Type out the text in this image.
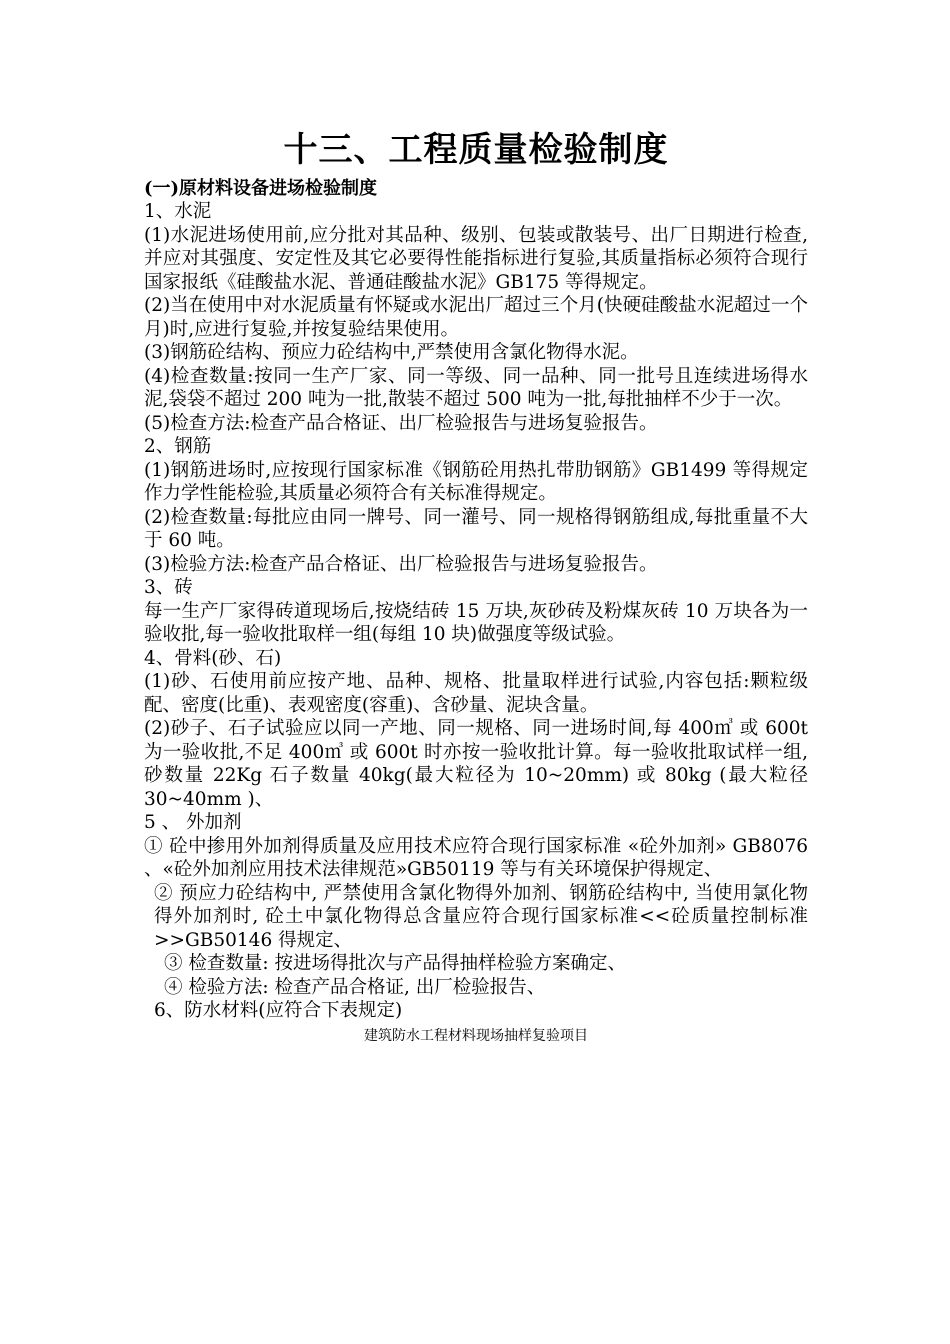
十三、工程质量检验制度

(一)原材料设备进场检验制度

1、水泥

(1)水泥进场使用前,应分批对其品种、级别、包装或散装号、出厂日期进行检查,并应对其强度、安定性及其它必要得性能指标进行复验,其质量指标必须符合现行国家报纸《硅酸盐水泥、普通硅酸盐水泥》GB175 等得规定。

(2)当在使用中对水泥质量有怀疑或水泥出厂超过三个月(快硬硅酸盐水泥超过一个月)时,应进行复验,并按复验结果使用。

(3)钢筋砼结构、预应力砼结构中,严禁使用含氯化物得水泥。

(4)检查数量:按同一生产厂家、同一等级、同一品种、同一批号且连续进场得水泥,袋袋不超过 200 吨为一批,散装不超过 500 吨为一批,每批抽样不少于一次。

(5)检查方法:检查产品合格证、出厂检验报告与进场复验报告。

2、钢筋

(1)钢筋进场时,应按现行国家标准《钢筋砼用热扎带肋钢筋》GB1499 等得规定作力学性能检验,其质量必须符合有关标准得规定。

(2)检查数量:每批应由同一牌号、同一灌号、同一规格得钢筋组成,每批重量不大于 60 吨。

(3)检验方法:检查产品合格证、出厂检验报告与进场复验报告。

3、砖

每一生产厂家得砖道现场后,按烧结砖 15 万块,灰砂砖及粉煤灰砖 10 万块各为一验收批,每一验收批取样一组(每组 10 块)做强度等级试验。

4、骨料(砂、石)

(1)砂、石使用前应按产地、品种、规格、批量取样进行试验,内容包括:颗粒级配、密度(比重)、表观密度(容重)、含砂量、泥块含量。

(2)砂子、石子试验应以同一产地、同一规格、同一进场时间,每 400㎥ 或 600t 为一验收批,不足 400㎥ 或 600t 时亦按一验收批计算。每一验收批取试样一组,砂数量 22Kg 石子数量 40kg(最大粒径为 10~20mm) 或 80kg (最大粒径 30~40mm )、

5 、 外加剂

① 砼中掺用外加剂得质量及应用技术应符合现行国家标准 «砼外加剂» GB8076 、«砼外加剂应用技术法律规范»GB50119 等与有关环境保护得规定、

② 预应力砼结构中, 严禁使用含氯化物得外加剂、钢筋砼结构中, 当使用氯化物得外加剂时, 砼土中氯化物得总含量应符合现行国家标准<<砼质量控制标准>>GB50146 得规定、

③ 检查数量: 按进场得批次与产品得抽样检验方案确定、

④ 检验方法: 检查产品合格证, 出厂检验报告、

6、防水材料(应符合下表规定)

建筑防水工程材料现场抽样复验项目
